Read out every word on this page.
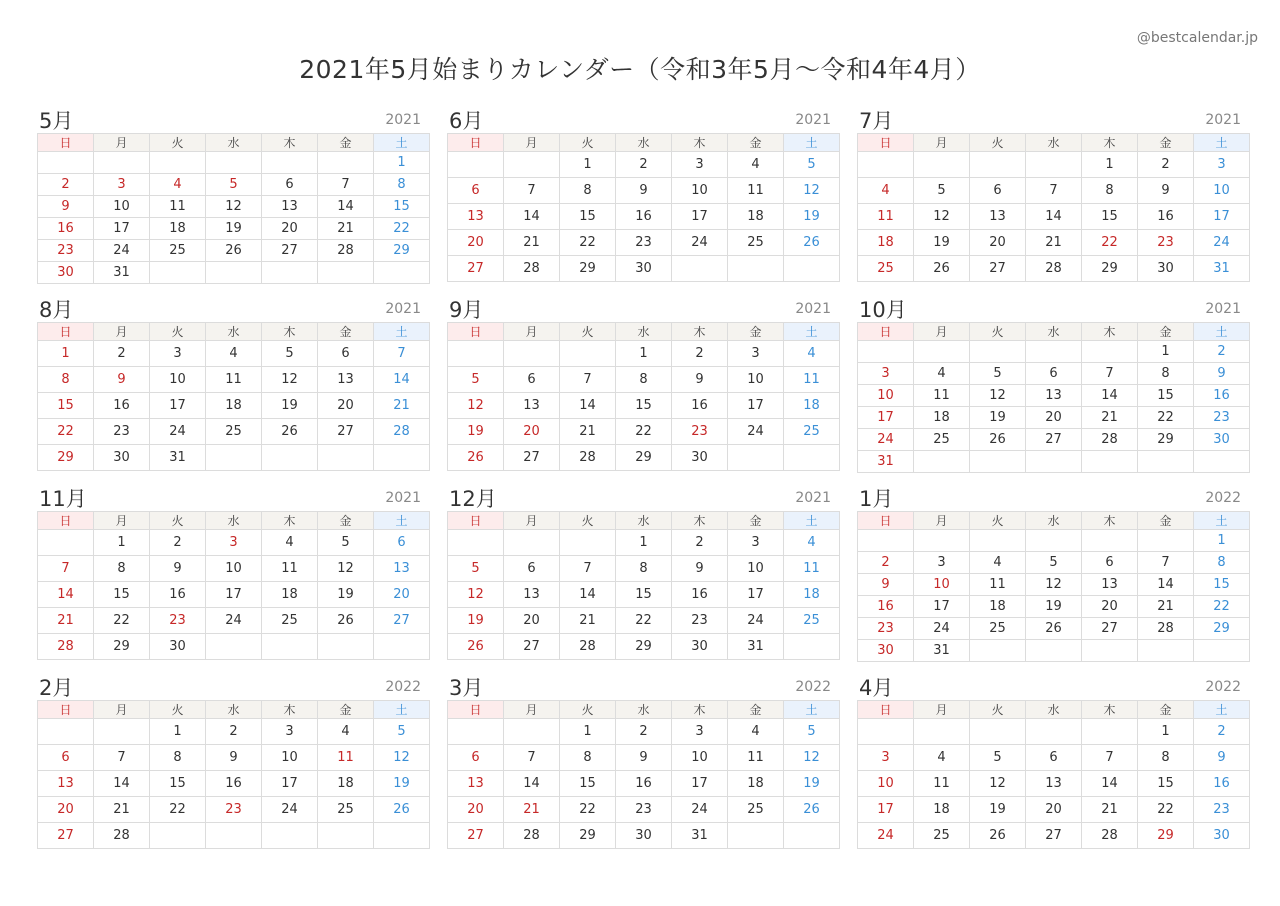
@bestcalendar.jp
2021年5月始まりカレンダー（令和3年5月〜令和4年4月）
5月	2021
日	月	火	水	木	金	土
						1
2	3	4	5	6	7	8
9	10	11	12	13	14	15
16	17	18	19	20	21	22
23	24	25	26	27	28	29
30	31					
6月	2021
日	月	火	水	木	金	土
		1	2	3	4	5
6	7	8	9	10	11	12
13	14	15	16	17	18	19
20	21	22	23	24	25	26
27	28	29	30			
7月	2021
日	月	火	水	木	金	土
				1	2	3
4	5	6	7	8	9	10
11	12	13	14	15	16	17
18	19	20	21	22	23	24
25	26	27	28	29	30	31
8月	2021
日	月	火	水	木	金	土
1	2	3	4	5	6	7
8	9	10	11	12	13	14
15	16	17	18	19	20	21
22	23	24	25	26	27	28
29	30	31				
9月	2021
日	月	火	水	木	金	土
			1	2	3	4
5	6	7	8	9	10	11
12	13	14	15	16	17	18
19	20	21	22	23	24	25
26	27	28	29	30		
10月	2021
日	月	火	水	木	金	土
					1	2
3	4	5	6	7	8	9
10	11	12	13	14	15	16
17	18	19	20	21	22	23
24	25	26	27	28	29	30
31						
11月	2021
日	月	火	水	木	金	土
	1	2	3	4	5	6
7	8	9	10	11	12	13
14	15	16	17	18	19	20
21	22	23	24	25	26	27
28	29	30				
12月	2021
日	月	火	水	木	金	土
			1	2	3	4
5	6	7	8	9	10	11
12	13	14	15	16	17	18
19	20	21	22	23	24	25
26	27	28	29	30	31	
1月	2022
日	月	火	水	木	金	土
						1
2	3	4	5	6	7	8
9	10	11	12	13	14	15
16	17	18	19	20	21	22
23	24	25	26	27	28	29
30	31					
2月	2022
日	月	火	水	木	金	土
		1	2	3	4	5
6	7	8	9	10	11	12
13	14	15	16	17	18	19
20	21	22	23	24	25	26
27	28					
3月	2022
日	月	火	水	木	金	土
		1	2	3	4	5
6	7	8	9	10	11	12
13	14	15	16	17	18	19
20	21	22	23	24	25	26
27	28	29	30	31		
4月	2022
日	月	火	水	木	金	土
					1	2
3	4	5	6	7	8	9
10	11	12	13	14	15	16
17	18	19	20	21	22	23
24	25	26	27	28	29	30
